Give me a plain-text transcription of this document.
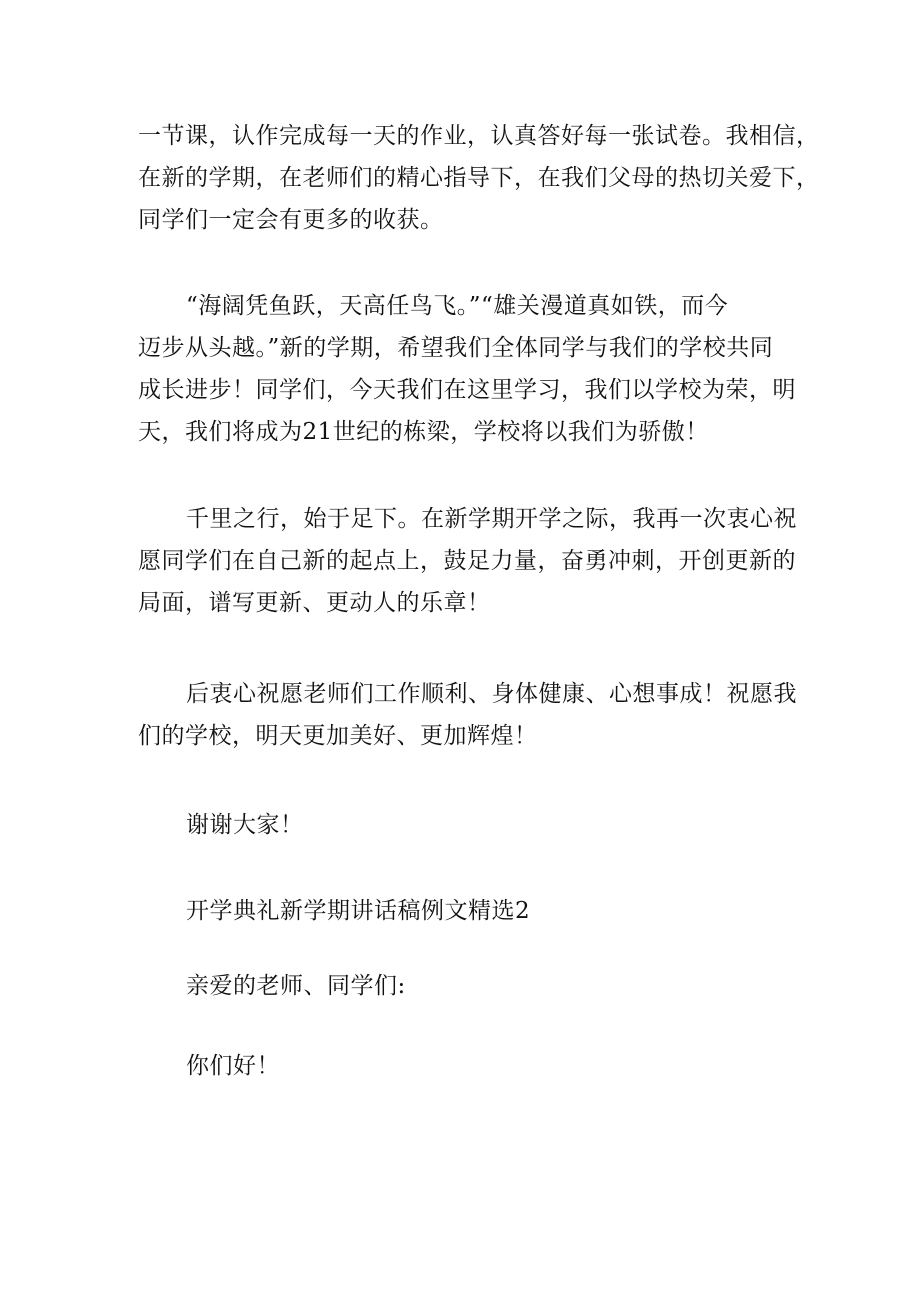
一节课，认作完成每一天的作业，认真答好每一张试卷。我相信，
在新的学期，在老师们的精心指导下，在我们父母的热切关爱下，
同学们一定会有更多的收获。
“海阔凭鱼跃，天高任鸟飞。”“雄关漫道真如铁，而今
迈步从头越。”新的学期，希望我们全体同学与我们的学校共同
成长进步！同学们，今天我们在这里学习，我们以学校为荣，明
天，我们将成为21世纪的栋梁，学校将以我们为骄傲！
千里之行，始于足下。在新学期开学之际，我再一次衷心祝
愿同学们在自己新的起点上，鼓足力量，奋勇冲刺，开创更新的
局面，谱写更新、更动人的乐章！
后衷心祝愿老师们工作顺利、身体健康、心想事成！祝愿我
们的学校，明天更加美好、更加辉煌！
谢谢大家！
开学典礼新学期讲话稿例文精选2
亲爱的老师、同学们:
你们好！
